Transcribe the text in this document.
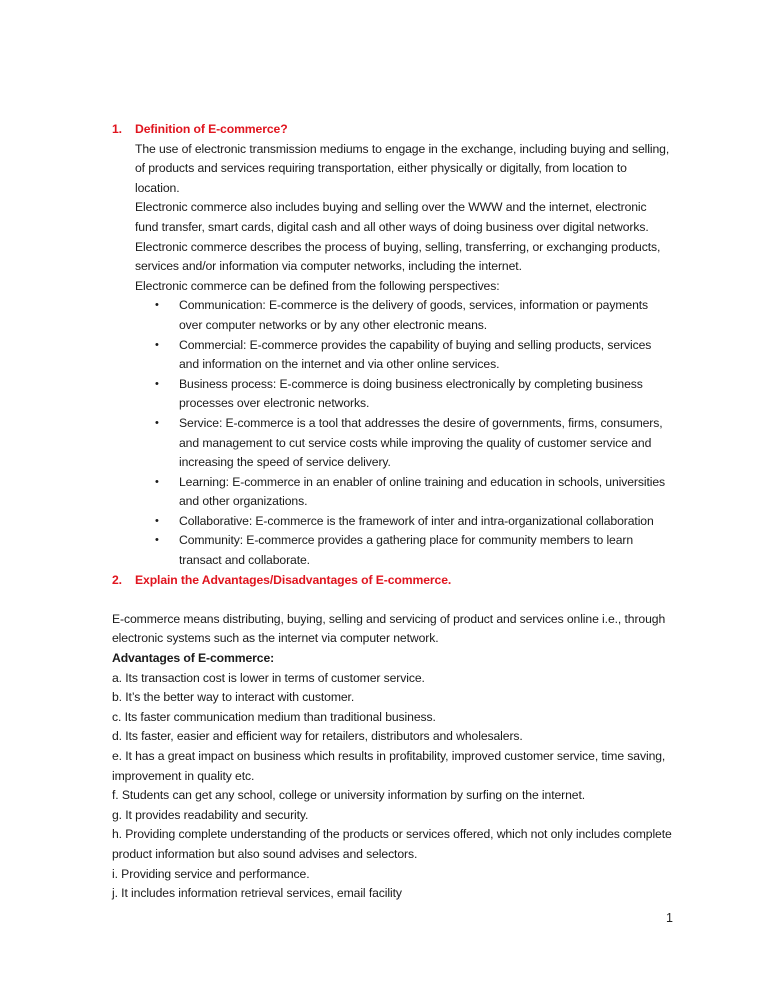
1. Definition of E-commerce?

The use of electronic transmission mediums to engage in the exchange, including buying and selling, of products and services requiring transportation, either physically or digitally, from location to location.

Electronic commerce also includes buying and selling over the WWW and the internet, electronic fund transfer, smart cards, digital cash and all other ways of doing business over digital networks.

Electronic commerce describes the process of buying, selling, transferring, or exchanging products, services and/or information via computer networks, including the internet.

Electronic commerce can be defined from the following perspectives:

• Communication: E-commerce is the delivery of goods, services, information or payments over computer networks or by any other electronic means.
• Commercial: E-commerce provides the capability of buying and selling products, services and information on the internet and via other online services.
• Business process: E-commerce is doing business electronically by completing business processes over electronic networks.
• Service: E-commerce is a tool that addresses the desire of governments, firms, consumers, and management to cut service costs while improving the quality of customer service and increasing the speed of service delivery.
• Learning: E-commerce in an enabler of online training and education in schools, universities and other organizations.
• Collaborative: E-commerce is the framework of inter and intra-organizational collaboration
• Community: E-commerce provides a gathering place for community members to learn transact and collaborate.
2. Explain the Advantages/Disadvantages of E-commerce.

E-commerce means distributing, buying, selling and servicing of product and services online i.e., through electronic systems such as the internet via computer network.

Advantages of E-commerce:

a. Its transaction cost is lower in terms of customer service.

b. It’s the better way to interact with customer.

c. Its faster communication medium than traditional business.

d. Its faster, easier and efficient way for retailers, distributors and wholesalers.

e. It has a great impact on business which results in profitability, improved customer service, time saving, improvement in quality etc.

f. Students can get any school, college or university information by surfing on the internet.

g. It provides readability and security.

h. Providing complete understanding of the products or services offered, which not only includes complete product information but also sound advises and selectors.

i. Providing service and performance.

j. It includes information retrieval services, email facility

1
